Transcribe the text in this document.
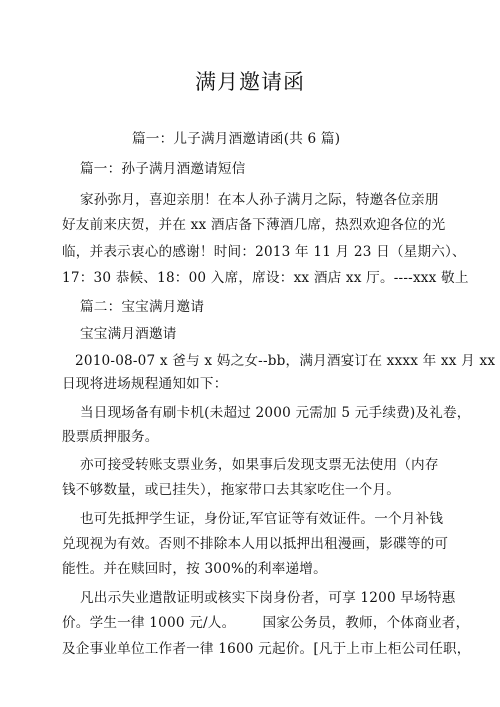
满月邀请函
篇一：儿子满月酒邀请函(共 6 篇)
篇一：孙子满月酒邀请短信
家孙弥月，喜迎亲朋！在本人孙子满月之际，特邀各位亲朋
好友前来庆贺，并在 xx 酒店备下薄酒几席，热烈欢迎各位的光
临，并表示衷心的感谢！时间：2013 年 11 月 23 日（星期六）、
17：30 恭候、18：00 入席，席设：xx 酒店 xx 厅。----xxx 敬上
篇二：宝宝满月邀请
宝宝满月酒邀请
2010-08-07 x 爸与 x 妈之女--bb，满月酒宴订在 xxxx 年 xx 月 xx
日现将进场规程通知如下：
当日现场备有刷卡机(未超过 2000 元需加 5 元手续费)及礼卷，
股票质押服务。
亦可接受转账支票业务，如果事后发现支票无法使用（内存
钱不够数量，或已挂失），拖家带口去其家吃住一个月。
也可先抵押学生证，身份证,军官证等有效证件。一个月补钱
兑现视为有效。否则不排除本人用以抵押出租漫画，影碟等的可
能性。并在赎回时，按 300%的利率递增。
凡出示失业遣散证明或核实下岗身份者，可享 1200 早场特惠
价。学生一律 1000 元/人。      国家公务员，教师，个体商业者，
及企事业单位工作者一律 1600 元起价。[凡于上市上柜公司任职，
